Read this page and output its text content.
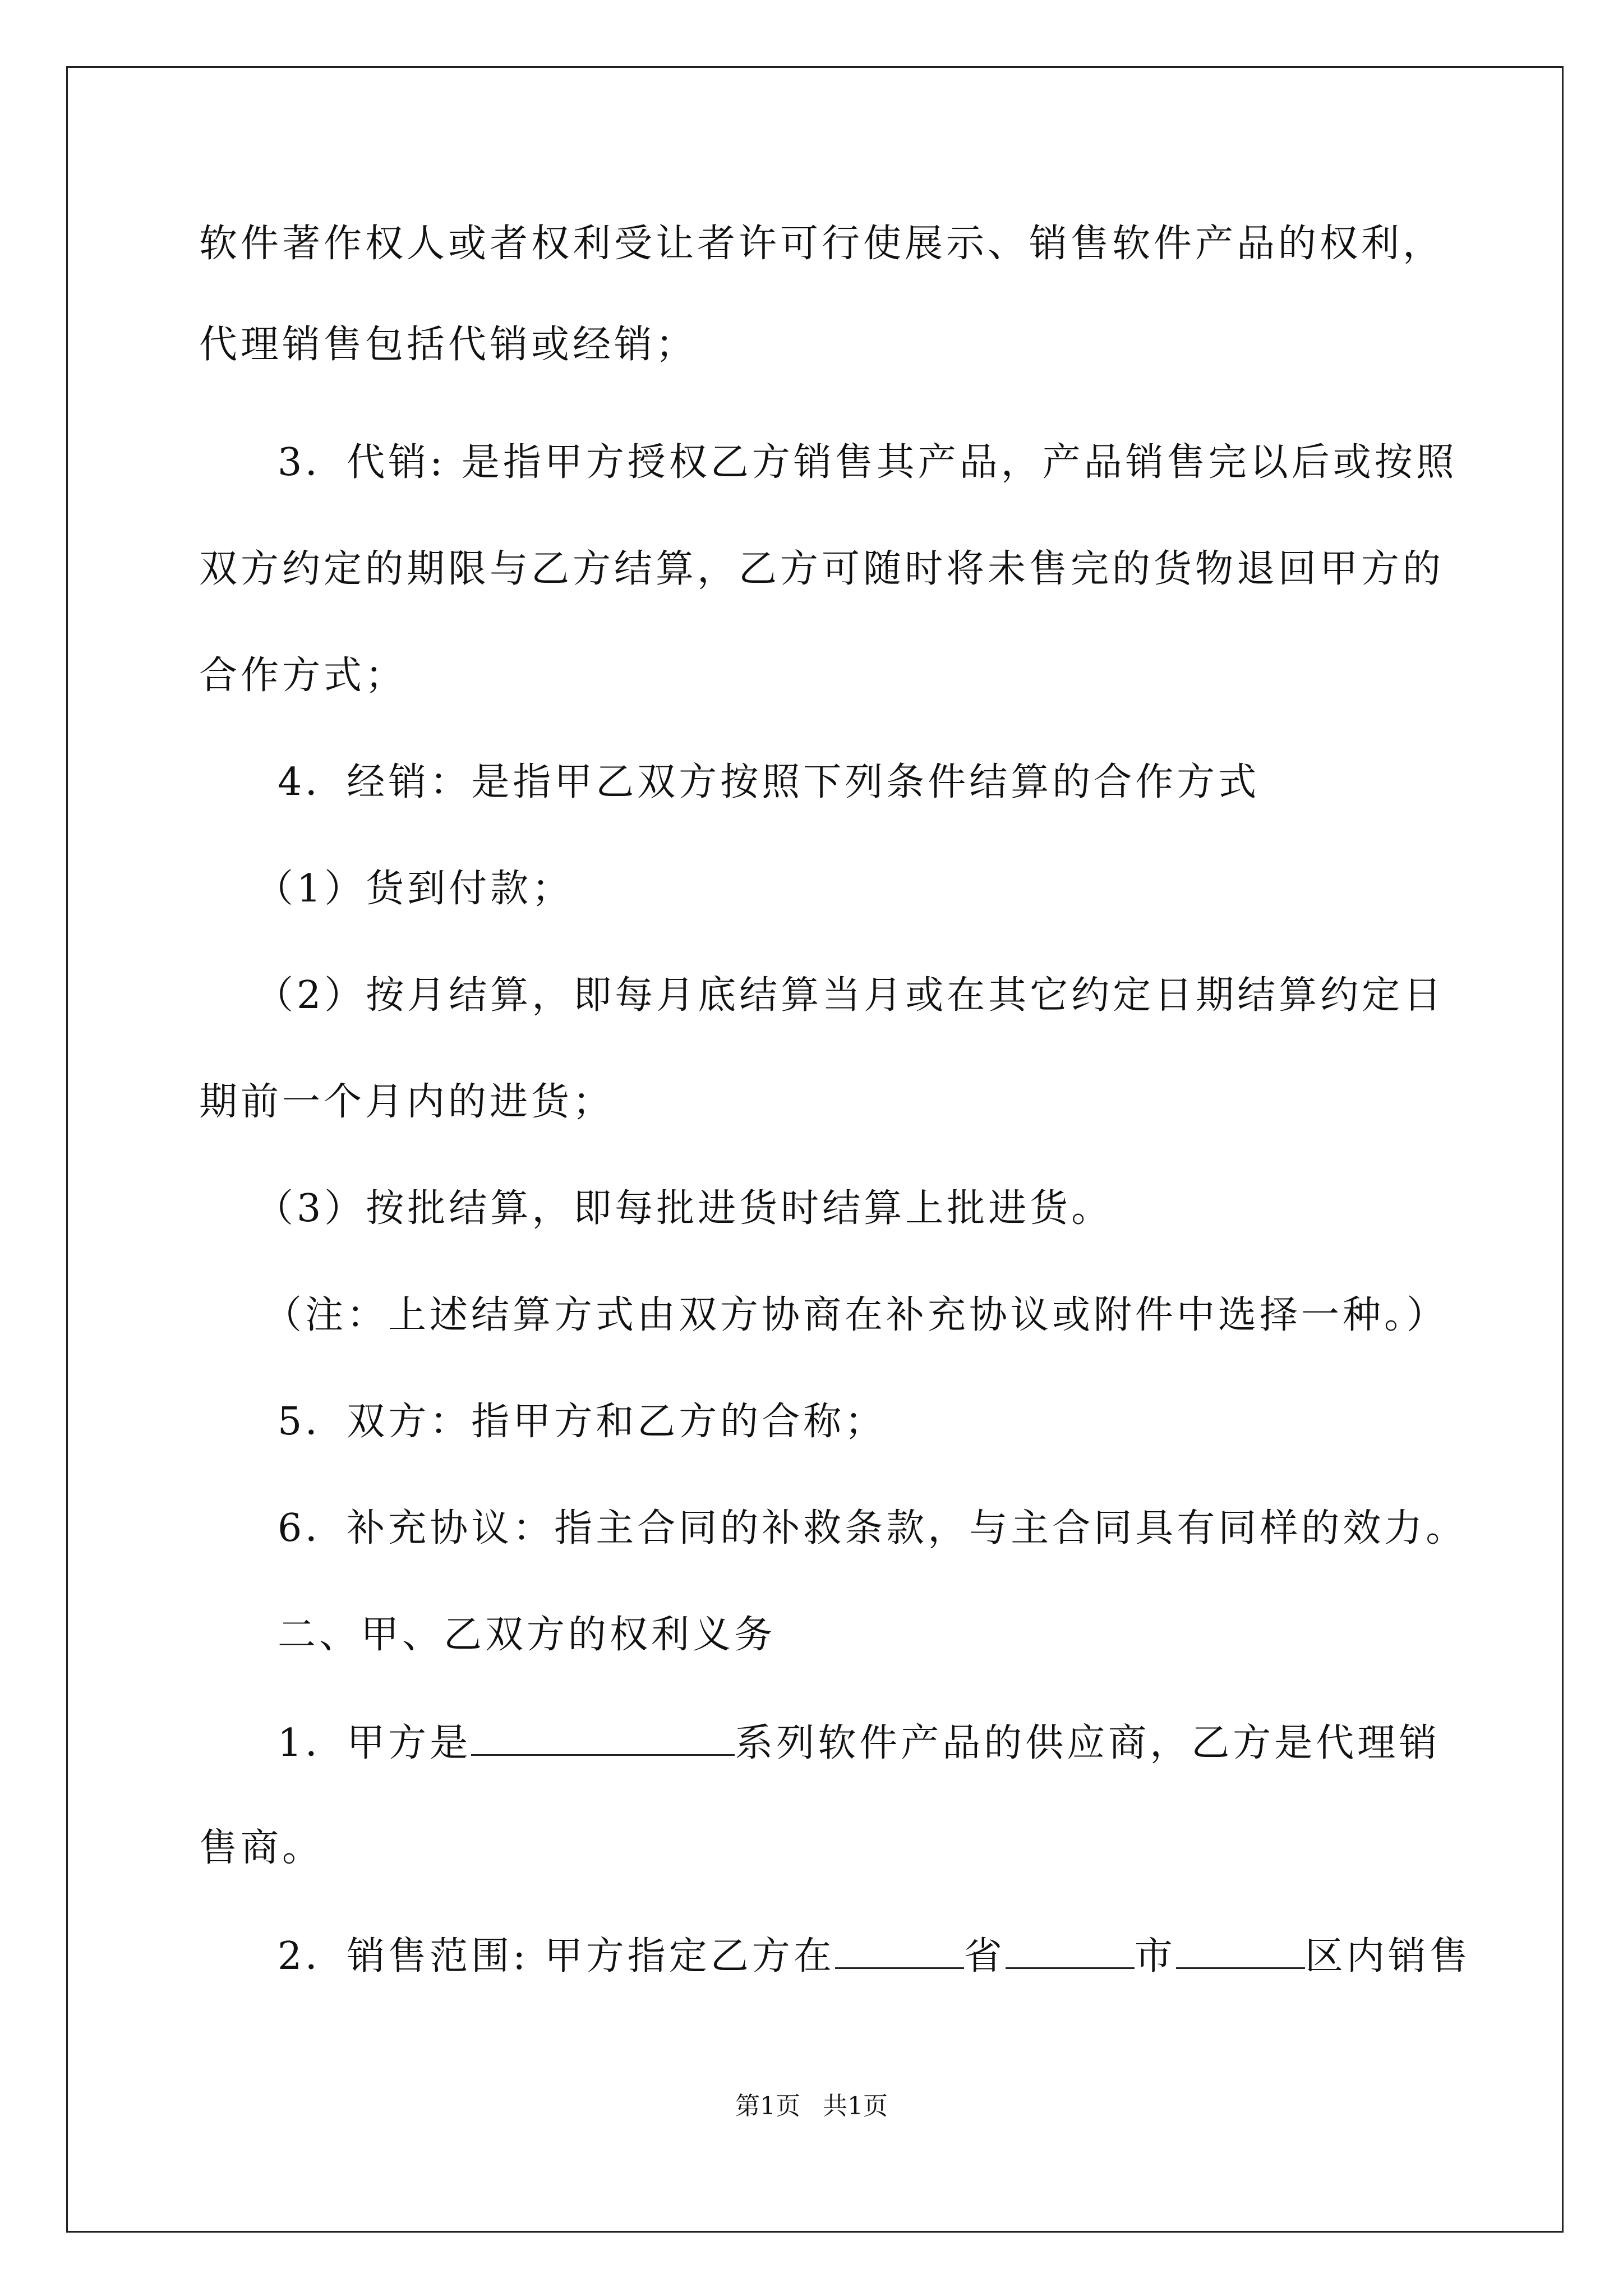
软件著作权人或者权利受让者许可行使展示、销售软件产品的权利，
代理销售包括代销或经销；
3．代销: 是指甲方授权乙方销售其产品，产品销售完以后或按照
双方约定的期限与乙方结算，乙方可随时将未售完的货物退回甲方的
合作方式；
4．经销：是指甲乙双方按照下列条件结算的合作方式
（1）货到付款；
（2）按月结算，即每月底结算当月或在其它约定日期结算约定日
期前一个月内的进货；
（3）按批结算，即每批进货时结算上批进货。
（注：上述结算方式由双方协商在补充协议或附件中选择一种。）
5．双方：指甲方和乙方的合称；
6．补充协议：指主合同的补救条款，与主合同具有同样的效力。
二、甲、乙双方的权利义务
1．甲方是	系列软件产品的供应商，乙方是代理销
售商。
2．销售范围: 甲方指定乙方在	省	市	区内销售
第1页 共1页
